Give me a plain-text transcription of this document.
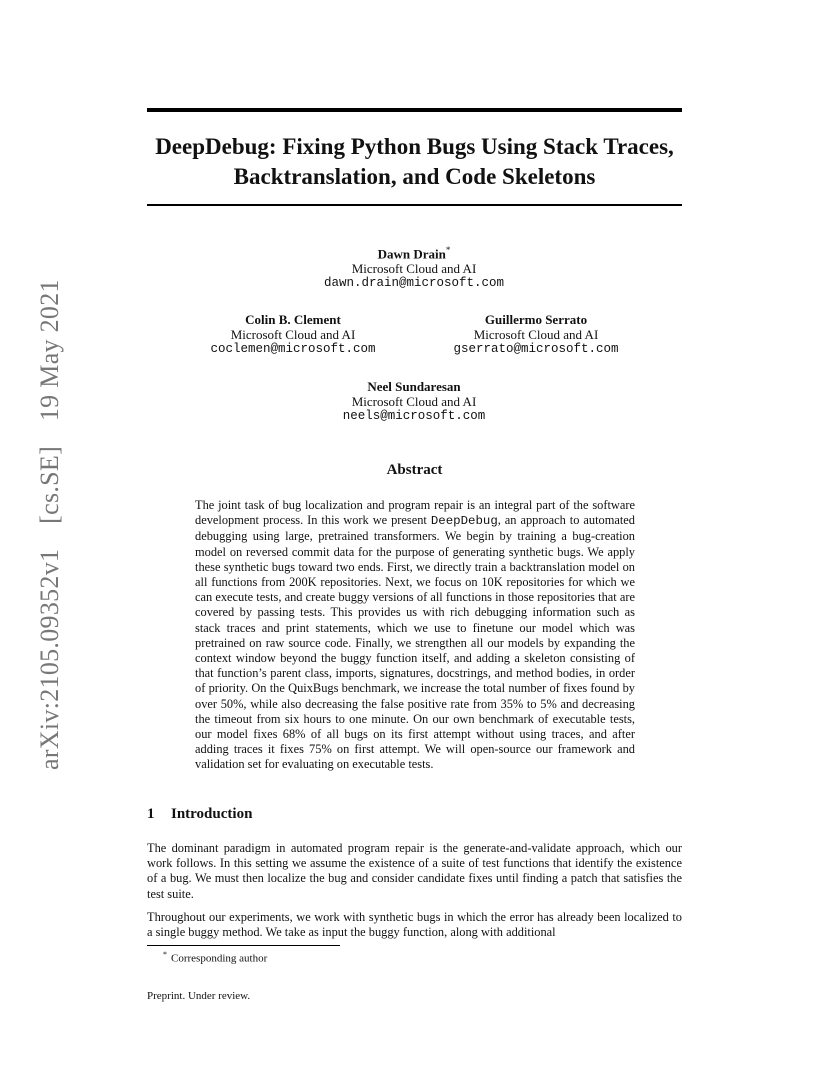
arXiv:2105.09352v1 [cs.SE] 19 May 2021
DeepDebug: Fixing Python Bugs Using Stack Traces,
Backtranslation, and Code Skeletons
Dawn Drain*
Microsoft Cloud and AI
dawn.drain@microsoft.com
Colin B. Clement
Microsoft Cloud and AI
coclemen@microsoft.com
Guillermo Serrato
Microsoft Cloud and AI
gserrato@microsoft.com
Neel Sundaresan
Microsoft Cloud and AI
neels@microsoft.com
Abstract
The joint task of bug localization and program repair is an integral part of the software development process. In this work we present DeepDebug, an approach to automated debugging using large, pretrained transformers. We begin by training a bug-creation model on reversed commit data for the purpose of generating synthetic bugs. We apply these synthetic bugs toward two ends. First, we directly train a backtranslation model on all functions from 200K repositories. Next, we focus on 10K repositories for which we can execute tests, and create buggy versions of all functions in those repositories that are covered by passing tests. This provides us with rich debugging information such as stack traces and print statements, which we use to finetune our model which was pretrained on raw source code. Finally, we strengthen all our models by expanding the context window beyond the buggy function itself, and adding a skeleton consisting of that function’s parent class, imports, signatures, docstrings, and method bodies, in order of priority. On the QuixBugs benchmark, we increase the total number of fixes found by over 50%, while also decreasing the false positive rate from 35% to 5% and decreasing the timeout from six hours to one minute. On our own benchmark of executable tests, our model fixes 68% of all bugs on its first attempt without using traces, and after adding traces it fixes 75% on first attempt. We will open-source our framework and validation set for evaluating on executable tests.
1 Introduction
The dominant paradigm in automated program repair is the generate-and-validate approach, which our work follows. In this setting we assume the existence of a suite of test functions that identify the existence of a bug. We must then localize the bug and consider candidate fixes until finding a patch that satisfies the test suite.
Throughout our experiments, we work with synthetic bugs in which the error has already been localized to a single buggy method. We take as input the buggy function, along with additional
* Corresponding author
Preprint. Under review.
